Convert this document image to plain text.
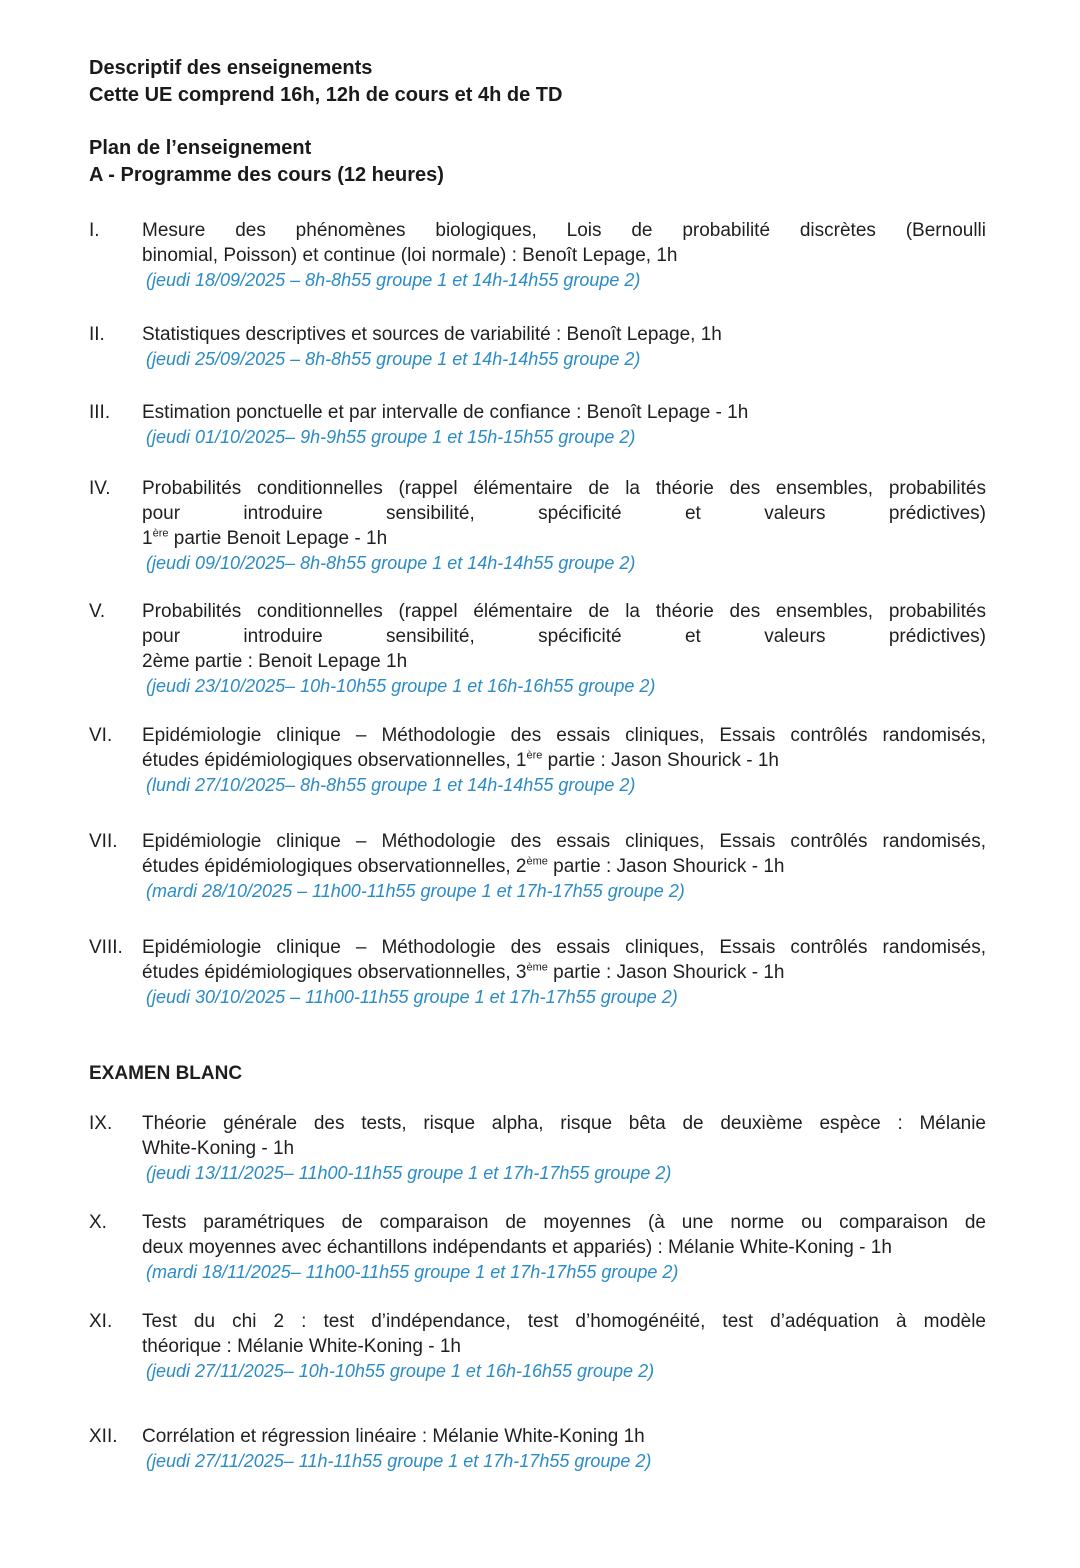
Descriptif des enseignements
Cette UE comprend 16h, 12h de cours et 4h de TD
Plan de l’enseignement
A - Programme des cours (12 heures)
I.	Mesure des phénomènes biologiques, Lois de probabilité discrètes (Bernoulli
binomial, Poisson) et continue (loi normale) : Benoît Lepage, 1h
(jeudi 18/09/2025 – 8h-8h55 groupe 1 et 14h-14h55 groupe 2)
II.	Statistiques descriptives et sources de variabilité : Benoît Lepage, 1h
(jeudi 25/09/2025 – 8h-8h55 groupe 1 et 14h-14h55 groupe 2)
III.	Estimation ponctuelle et par intervalle de confiance : Benoît Lepage - 1h
(jeudi 01/10/2025– 9h-9h55 groupe 1 et 15h-15h55 groupe 2)
IV.	Probabilités conditionnelles (rappel élémentaire de la théorie des ensembles, probabilités
pour introduire sensibilité, spécificité et valeurs prédictives)
1ère partie Benoit Lepage - 1h
(jeudi 09/10/2025– 8h-8h55 groupe 1 et 14h-14h55 groupe 2)
V.	Probabilités conditionnelles (rappel élémentaire de la théorie des ensembles, probabilités
pour introduire sensibilité, spécificité et valeurs prédictives)
2ème partie : Benoit Lepage 1h
(jeudi 23/10/2025– 10h-10h55 groupe 1 et 16h-16h55 groupe 2)
VI.	Epidémiologie clinique – Méthodologie des essais cliniques, Essais contrôlés randomisés,
études épidémiologiques observationnelles, 1ère partie : Jason Shourick - 1h
(lundi 27/10/2025– 8h-8h55 groupe 1 et 14h-14h55 groupe 2)
VII.	Epidémiologie clinique – Méthodologie des essais cliniques, Essais contrôlés randomisés,
études épidémiologiques observationnelles, 2ème partie : Jason Shourick - 1h
(mardi 28/10/2025 – 11h00-11h55 groupe 1 et 17h-17h55 groupe 2)
VIII.	Epidémiologie clinique – Méthodologie des essais cliniques, Essais contrôlés randomisés,
études épidémiologiques observationnelles, 3ème partie : Jason Shourick - 1h
(jeudi 30/10/2025 – 11h00-11h55 groupe 1 et 17h-17h55 groupe 2)
EXAMEN BLANC
IX.	Théorie générale des tests, risque alpha, risque bêta de deuxième espèce : Mélanie
White-Koning - 1h
(jeudi 13/11/2025– 11h00-11h55 groupe 1 et 17h-17h55 groupe 2)
X.	Tests paramétriques de comparaison de moyennes (à une norme ou comparaison de
deux moyennes avec échantillons indépendants et appariés) : Mélanie White-Koning - 1h
(mardi 18/11/2025– 11h00-11h55 groupe 1 et 17h-17h55 groupe 2)
XI.	Test du chi 2 : test d’indépendance, test d’homogénéité, test d’adéquation à modèle
théorique : Mélanie White-Koning - 1h
(jeudi 27/11/2025– 10h-10h55 groupe 1 et 16h-16h55 groupe 2)
XII.	Corrélation et régression linéaire : Mélanie White-Koning 1h
(jeudi 27/11/2025– 11h-11h55 groupe 1 et 17h-17h55 groupe 2)
